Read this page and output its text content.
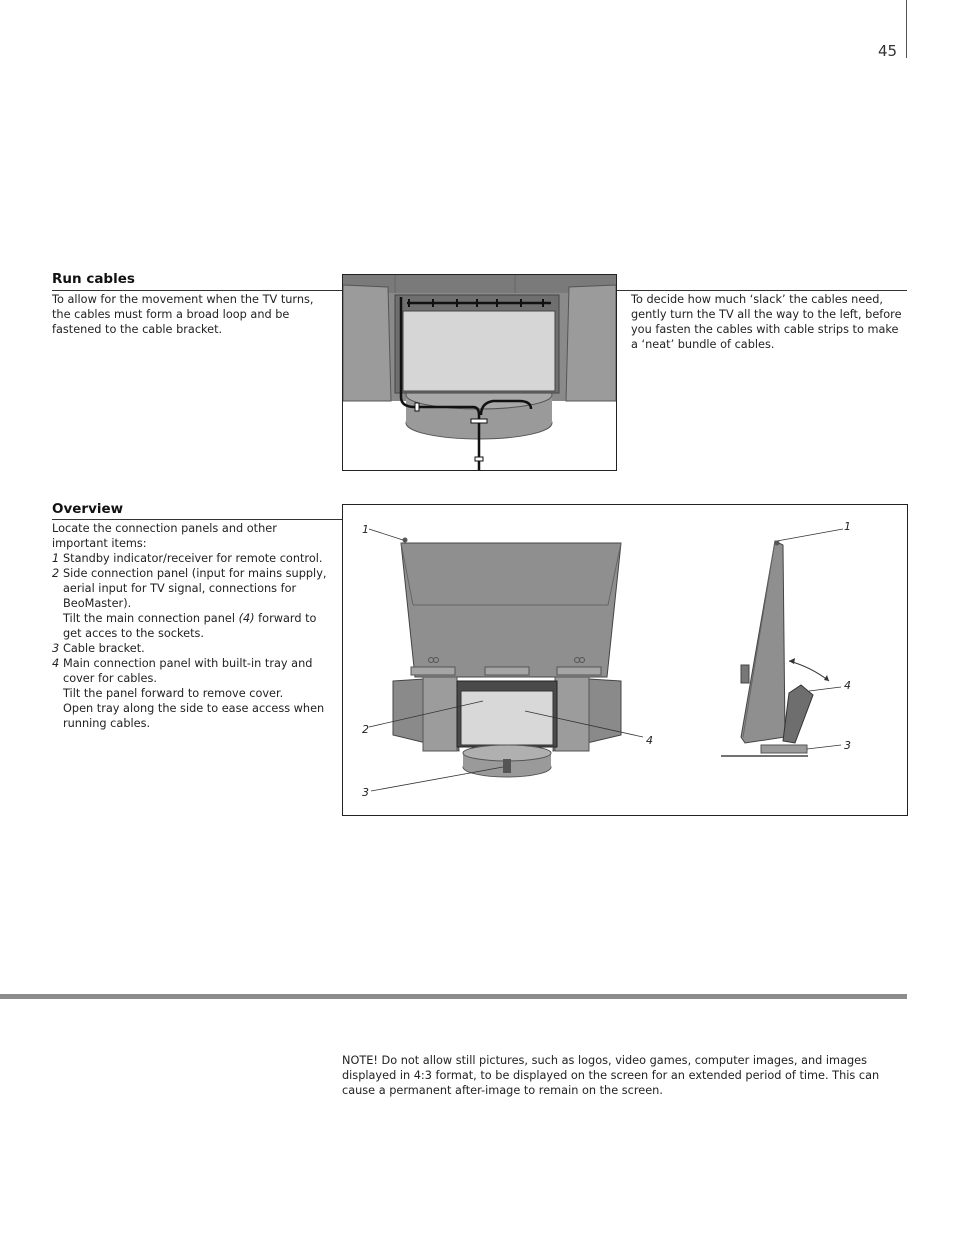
45
Run cables
To allow for the movement when the TV turns, the cables must form a broad loop and be fastened to the cable bracket.
To decide how much ‘slack’ the cables need, gently turn the TV all the way to the left, before you fasten the cables with cable strips to make a ‘neat’ bundle of cables.
Overview

Locate the connection panels and other important items:

1 Standby indicator/receiver for remote control.
2 Side connection panel (input for mains supply, aerial input for TV signal, connections for BeoMaster).
Tilt the main connection panel (4) forward to get acces to the sockets.
3 Cable bracket.
4 Main connection panel with built-in tray and cover for cables.
Tilt the panel forward to remove cover.
Open tray along the side to ease access when running cables.
1
2
3
4
1
4
3
NOTE! Do not allow still pictures, such as logos, video games, computer images, and images displayed in 4:3 format, to be displayed on the screen for an extended period of time. This can cause a permanent after-image to remain on the screen.
